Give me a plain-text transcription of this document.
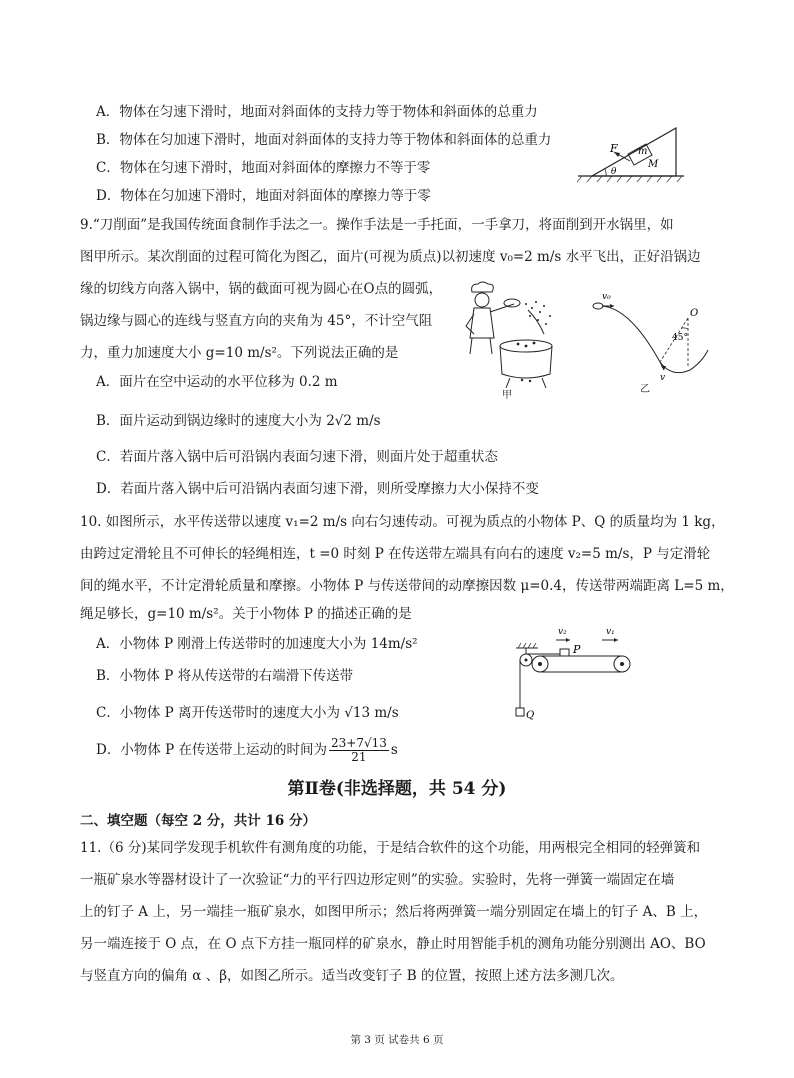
A．物体在匀速下滑时，地面对斜面体的支持力等于物体和斜面体的总重力
B．物体在匀加速下滑时，地面对斜面体的支持力等于物体和斜面体的总重力
C．物体在匀速下滑时，地面对斜面体的摩擦力不等于零
D．物体在匀加速下滑时，地面对斜面体的摩擦力等于零
F m
M
θ
9.“刀削面”是我国传统面食制作手法之一。操作手法是一手托面，一手拿刀，将面削到开水锅里，如
图甲所示。某次削面的过程可简化为图乙，面片(可视为质点)以初速度 v₀=2 m/s 水平飞出，正好沿锅边
缘的切线方向落入锅中，锅的截面可视为圆心在O点的圆弧，
锅边缘与圆心的连线与竖直方向的夹角为 45°，不计空气阻
力，重力加速度大小 g=10 m/s²。下列说法正确的是
A．面片在空中运动的水平位移为 0.2 m
B．面片运动到锅边缘时的速度大小为 2√2 m/s
C．若面片落入锅中后可沿锅内表面匀速下滑，则面片处于超重状态
D．若面片落入锅中后可沿锅内表面匀速下滑，则所受摩擦力大小保持不变
甲
v₀
O
45°
v
乙
10. 如图所示，水平传送带以速度 v₁=2 m/s 向右匀速传动。可视为质点的小物体 P、Q 的质量均为 1 kg，
由跨过定滑轮且不可伸长的轻绳相连，t =0 时刻 P 在传送带左端具有向右的速度 v₂=5 m/s，P 与定滑轮
间的绳水平，不计定滑轮质量和摩擦。小物体 P 与传送带间的动摩擦因数 μ=0.4，传送带两端距离 L=5 m，
绳足够长，g=10 m/s²。关于小物体 P 的描述正确的是
A．小物体 P 刚滑上传送带时的加速度大小为 14m/s²
B．小物体 P 将从传送带的右端滑下传送带
C．小物体 P 离开传送带时的速度大小为 √13 m/s
D．小物体 P 在传送带上运动的时间为 $\frac{23+7√13}{21}$ s
v₂	v₁
P
Q
第Ⅱ卷(非选择题，共 54 分)
二、填空题（每空 2 分，共计 16 分）
11.（6 分)某同学发现手机软件有测角度的功能，于是结合软件的这个功能，用两根完全相同的轻弹簧和
一瓶矿泉水等器材设计了一次验证“力的平行四边形定则”的实验。实验时，先将一弹簧一端固定在墙
上的钉子 A 上，另一端挂一瓶矿泉水，如图甲所示；然后将两弹簧一端分别固定在墙上的钉子 A、B 上，
另一端连接于 O 点，在 O 点下方挂一瓶同样的矿泉水，静止时用智能手机的测角功能分别测出 AO、BO
与竖直方向的偏角 α 、β，如图乙所示。适当改变钉子 B 的位置，按照上述方法多测几次。
第 3 页 试卷共 6 页
